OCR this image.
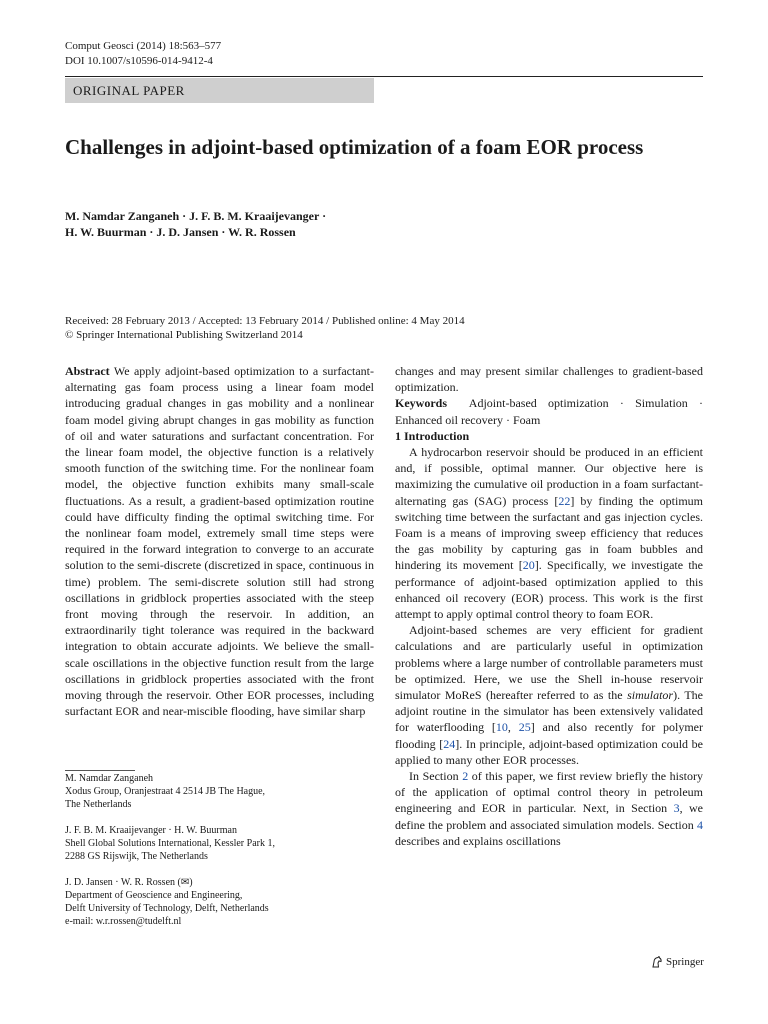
Comput Geosci (2014) 18:563–577
DOI 10.1007/s10596-014-9412-4
ORIGINAL PAPER
Challenges in adjoint-based optimization of a foam EOR process
M. Namdar Zanganeh · J. F. B. M. Kraaijevanger ·
H. W. Buurman · J. D. Jansen · W. R. Rossen
Received: 28 February 2013 / Accepted: 13 February 2014 / Published online: 4 May 2014
© Springer International Publishing Switzerland 2014

Abstract We apply adjoint-based optimization to a surfactant-alternating gas foam process using a linear foam model introducing gradual changes in gas mobility and a nonlinear foam model giving abrupt changes in gas mobility as function of oil and water saturations and surfactant concentration. For the linear foam model, the objective function is a relatively smooth function of the switching time. For the nonlinear foam model, the objective function exhibits many small-scale fluctuations. As a result, a gradient-based optimization routine could have difficulty finding the optimal switching time. For the nonlinear foam model, extremely small time steps were required in the forward integration to converge to an accurate solution to the semi-discrete (discretized in space, continuous in time) problem. The semi-discrete solution still had strong oscillations in gridblock properties associated with the steep front moving through the reservoir. In addition, an extraordinarily tight tolerance was required in the backward integration to obtain accurate adjoints. We believe the small-scale oscillations in the objective function result from the large oscillations in gridblock properties associated with the front moving through the reservoir. Other EOR processes, including surfactant EOR and near-miscible flooding, have similar sharp

M. Namdar Zanganeh

Xodus Group, Oranjestraat 4 2514 JB The Hague,

The Netherlands

J. F. B. M. Kraaijevanger · H. W. Buurman

Shell Global Solutions International, Kessler Park 1,

2288 GS Rijswijk, The Netherlands

J. D. Jansen · W. R. Rossen (✉)

Department of Geoscience and Engineering,

Delft University of Technology, Delft, Netherlands

e-mail: w.r.rossen@tudelft.nl

changes and may present similar challenges to gradient-based optimization.

Keywords Adjoint-based optimization · Simulation · Enhanced oil recovery · Foam

1 Introduction

A hydrocarbon reservoir should be produced in an efficient and, if possible, optimal manner. Our objective here is maximizing the cumulative oil production in a foam surfactant-alternating gas (SAG) process [22] by finding the optimum switching time between the surfactant and gas injection cycles. Foam is a means of improving sweep efficiency that reduces the gas mobility by capturing gas in foam bubbles and hindering its movement [20]. Specifically, we investigate the performance of adjoint-based optimization applied to this enhanced oil recovery (EOR) process. This work is the first attempt to apply optimal control theory to foam EOR.

Adjoint-based schemes are very efficient for gradient calculations and are particularly useful in optimization problems where a large number of controllable parameters must be optimized. Here, we use the Shell in-house reservoir simulator MoReS (hereafter referred to as the simulator). The adjoint routine in the simulator has been extensively validated for waterflooding [10, 25] and also recently for polymer flooding [24]. In principle, adjoint-based optimization could be applied to many other EOR processes.

In Section 2 of this paper, we first review briefly the history of the application of optimal control theory in petroleum engineering and EOR in particular. Next, in Section 3, we define the problem and associated simulation models. Section 4 describes and explains oscillations

Springer
